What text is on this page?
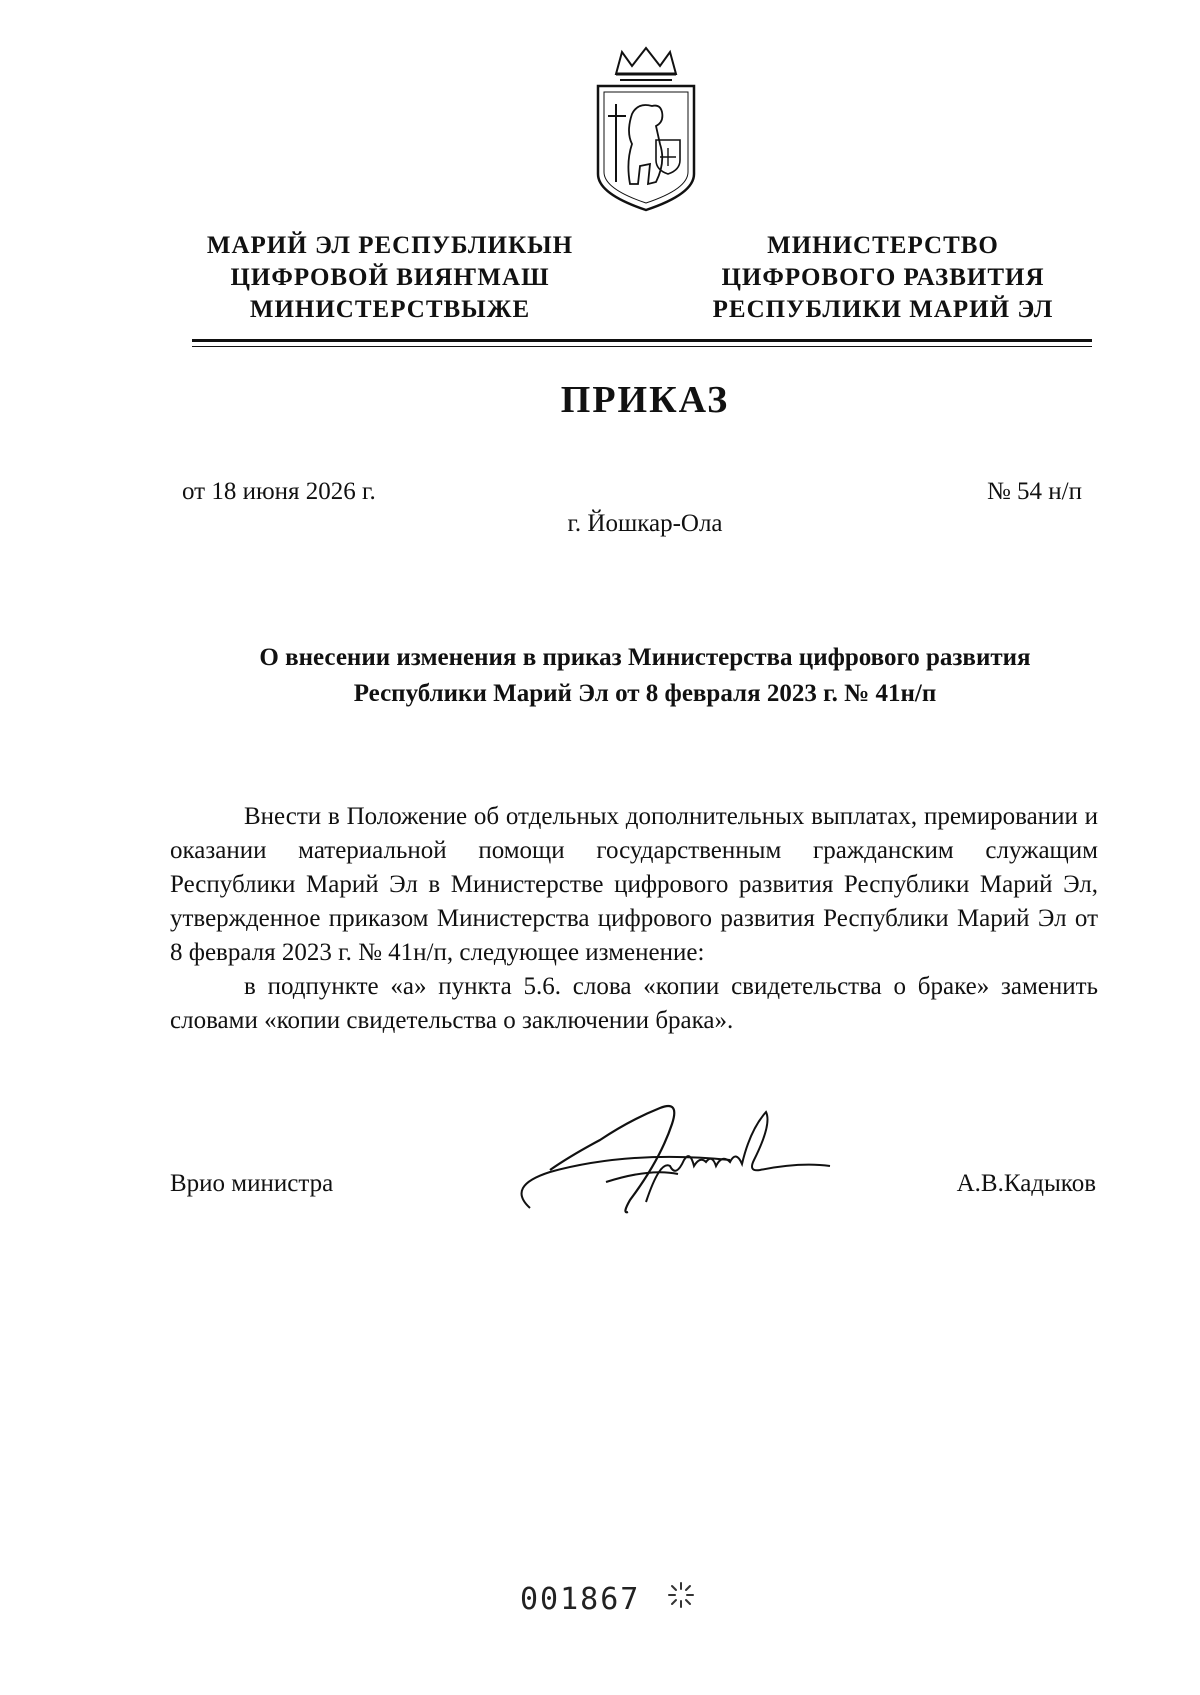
МАРИЙ ЭЛ РЕСПУБЛИКЫН
ЦИФРОВОЙ ВИЯҤМАШ
МИНИСТЕРСТВЫЖЕ
МИНИСТЕРСТВО
ЦИФРОВОГО РАЗВИТИЯ
РЕСПУБЛИКИ МАРИЙ ЭЛ
ПРИКАЗ
от 18 июня 2026 г.	№ 54 н/п
г. Йошкар-Ола
О внесении изменения в приказ Министерства цифрового развития
Республики Марий Эл от 8 февраля 2023 г. № 41н/п

Внести в Положение об отдельных дополнительных выплатах, премировании и оказании материальной помощи государственным гражданским служащим Республики Марий Эл в Министерстве цифрового развития Республики Марий Эл, утвержденное приказом Министерства цифрового развития Республики Марий Эл от 8 февраля 2023 г. № 41н/п, следующее изменение:

в подпункте «а» пункта 5.6. слова «копии свидетельства о браке» заменить словами «копии свидетельства о заключении брака».

Врио министра	А.В.Кадыков
001867
